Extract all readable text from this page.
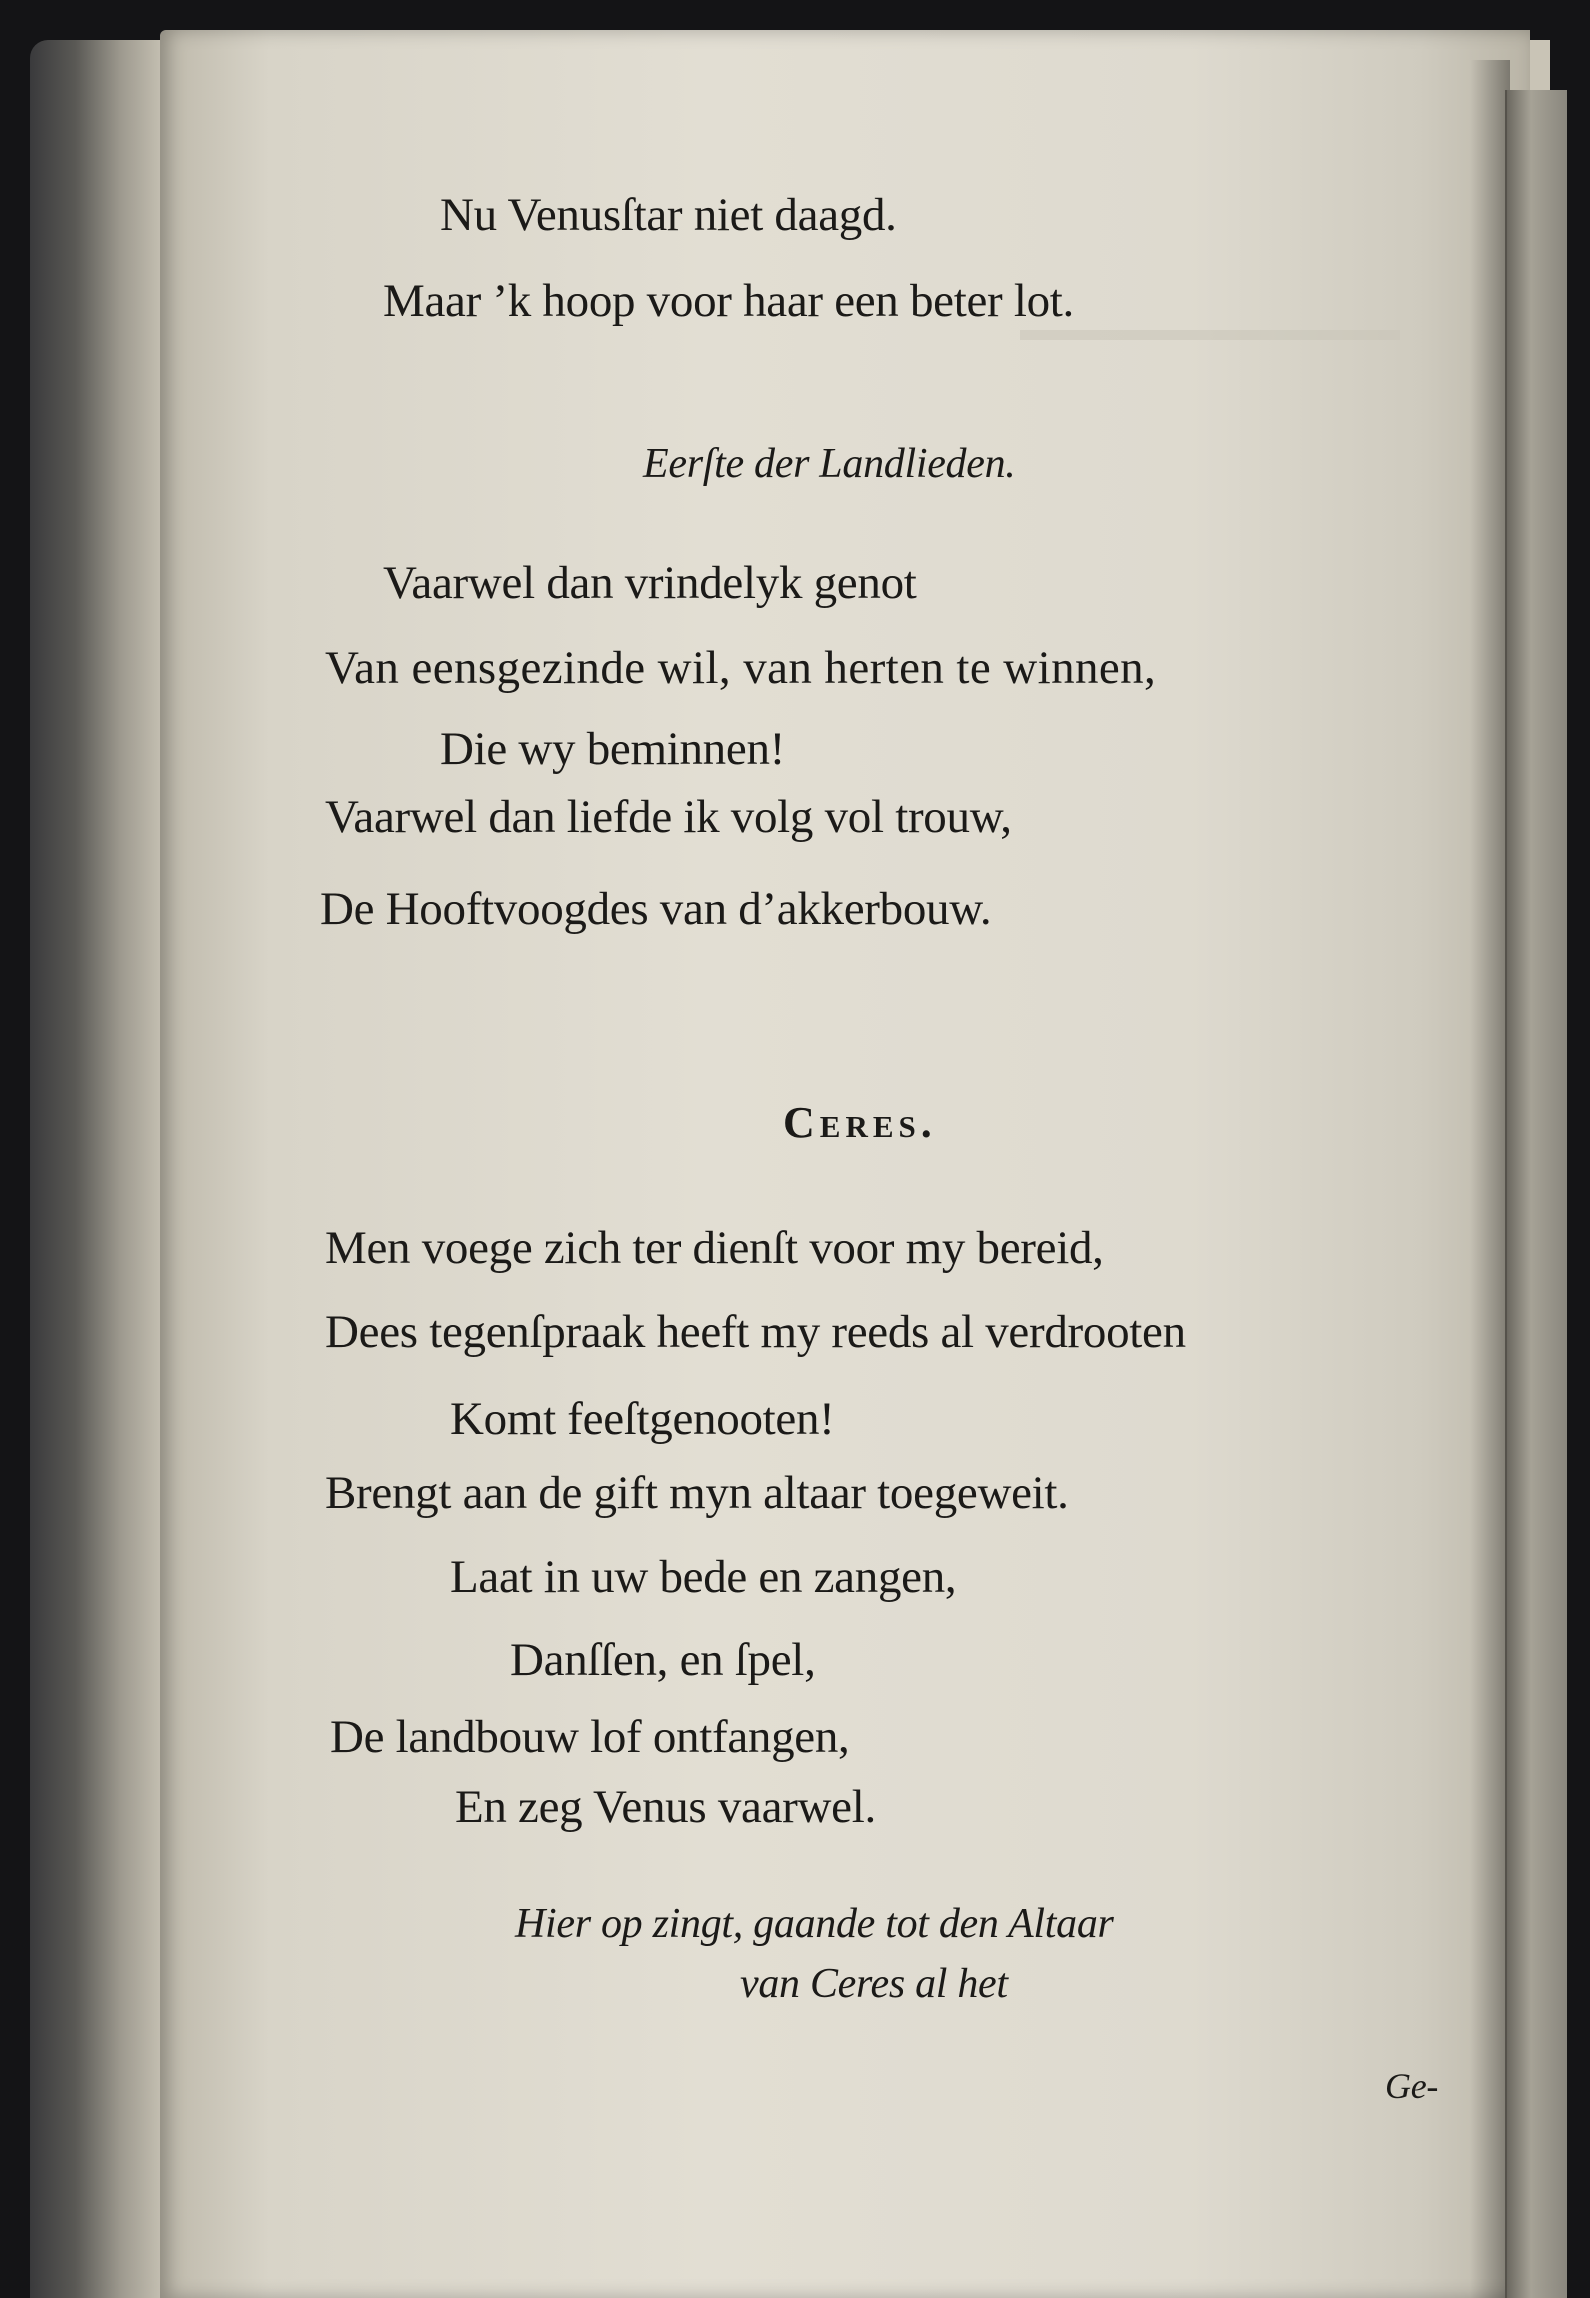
Nu Venusſtar niet daagd.
Maar ’k hoop voor haar een beter lot.
Eerſte der Landlieden.
Vaarwel dan vrindelyk genot
Van eensgezinde wil, van herten te winnen,
Die wy beminnen!
Vaarwel dan liefde ik volg vol trouw,
De Hooftvoogdes van d’akkerbouw.
Ceres.
Men voege zich ter dienſt voor my bereid,
Dees tegenſpraak heeft my reeds al verdrooten
Komt feeſtgenooten!
Brengt aan de gift myn altaar toegeweit.
Laat in uw bede en zangen,
Danſſen, en ſpel,
De landbouw lof ontfangen,
En zeg Venus vaarwel.
Hier op zingt, gaande tot den Altaar
van Ceres al het
Ge-
